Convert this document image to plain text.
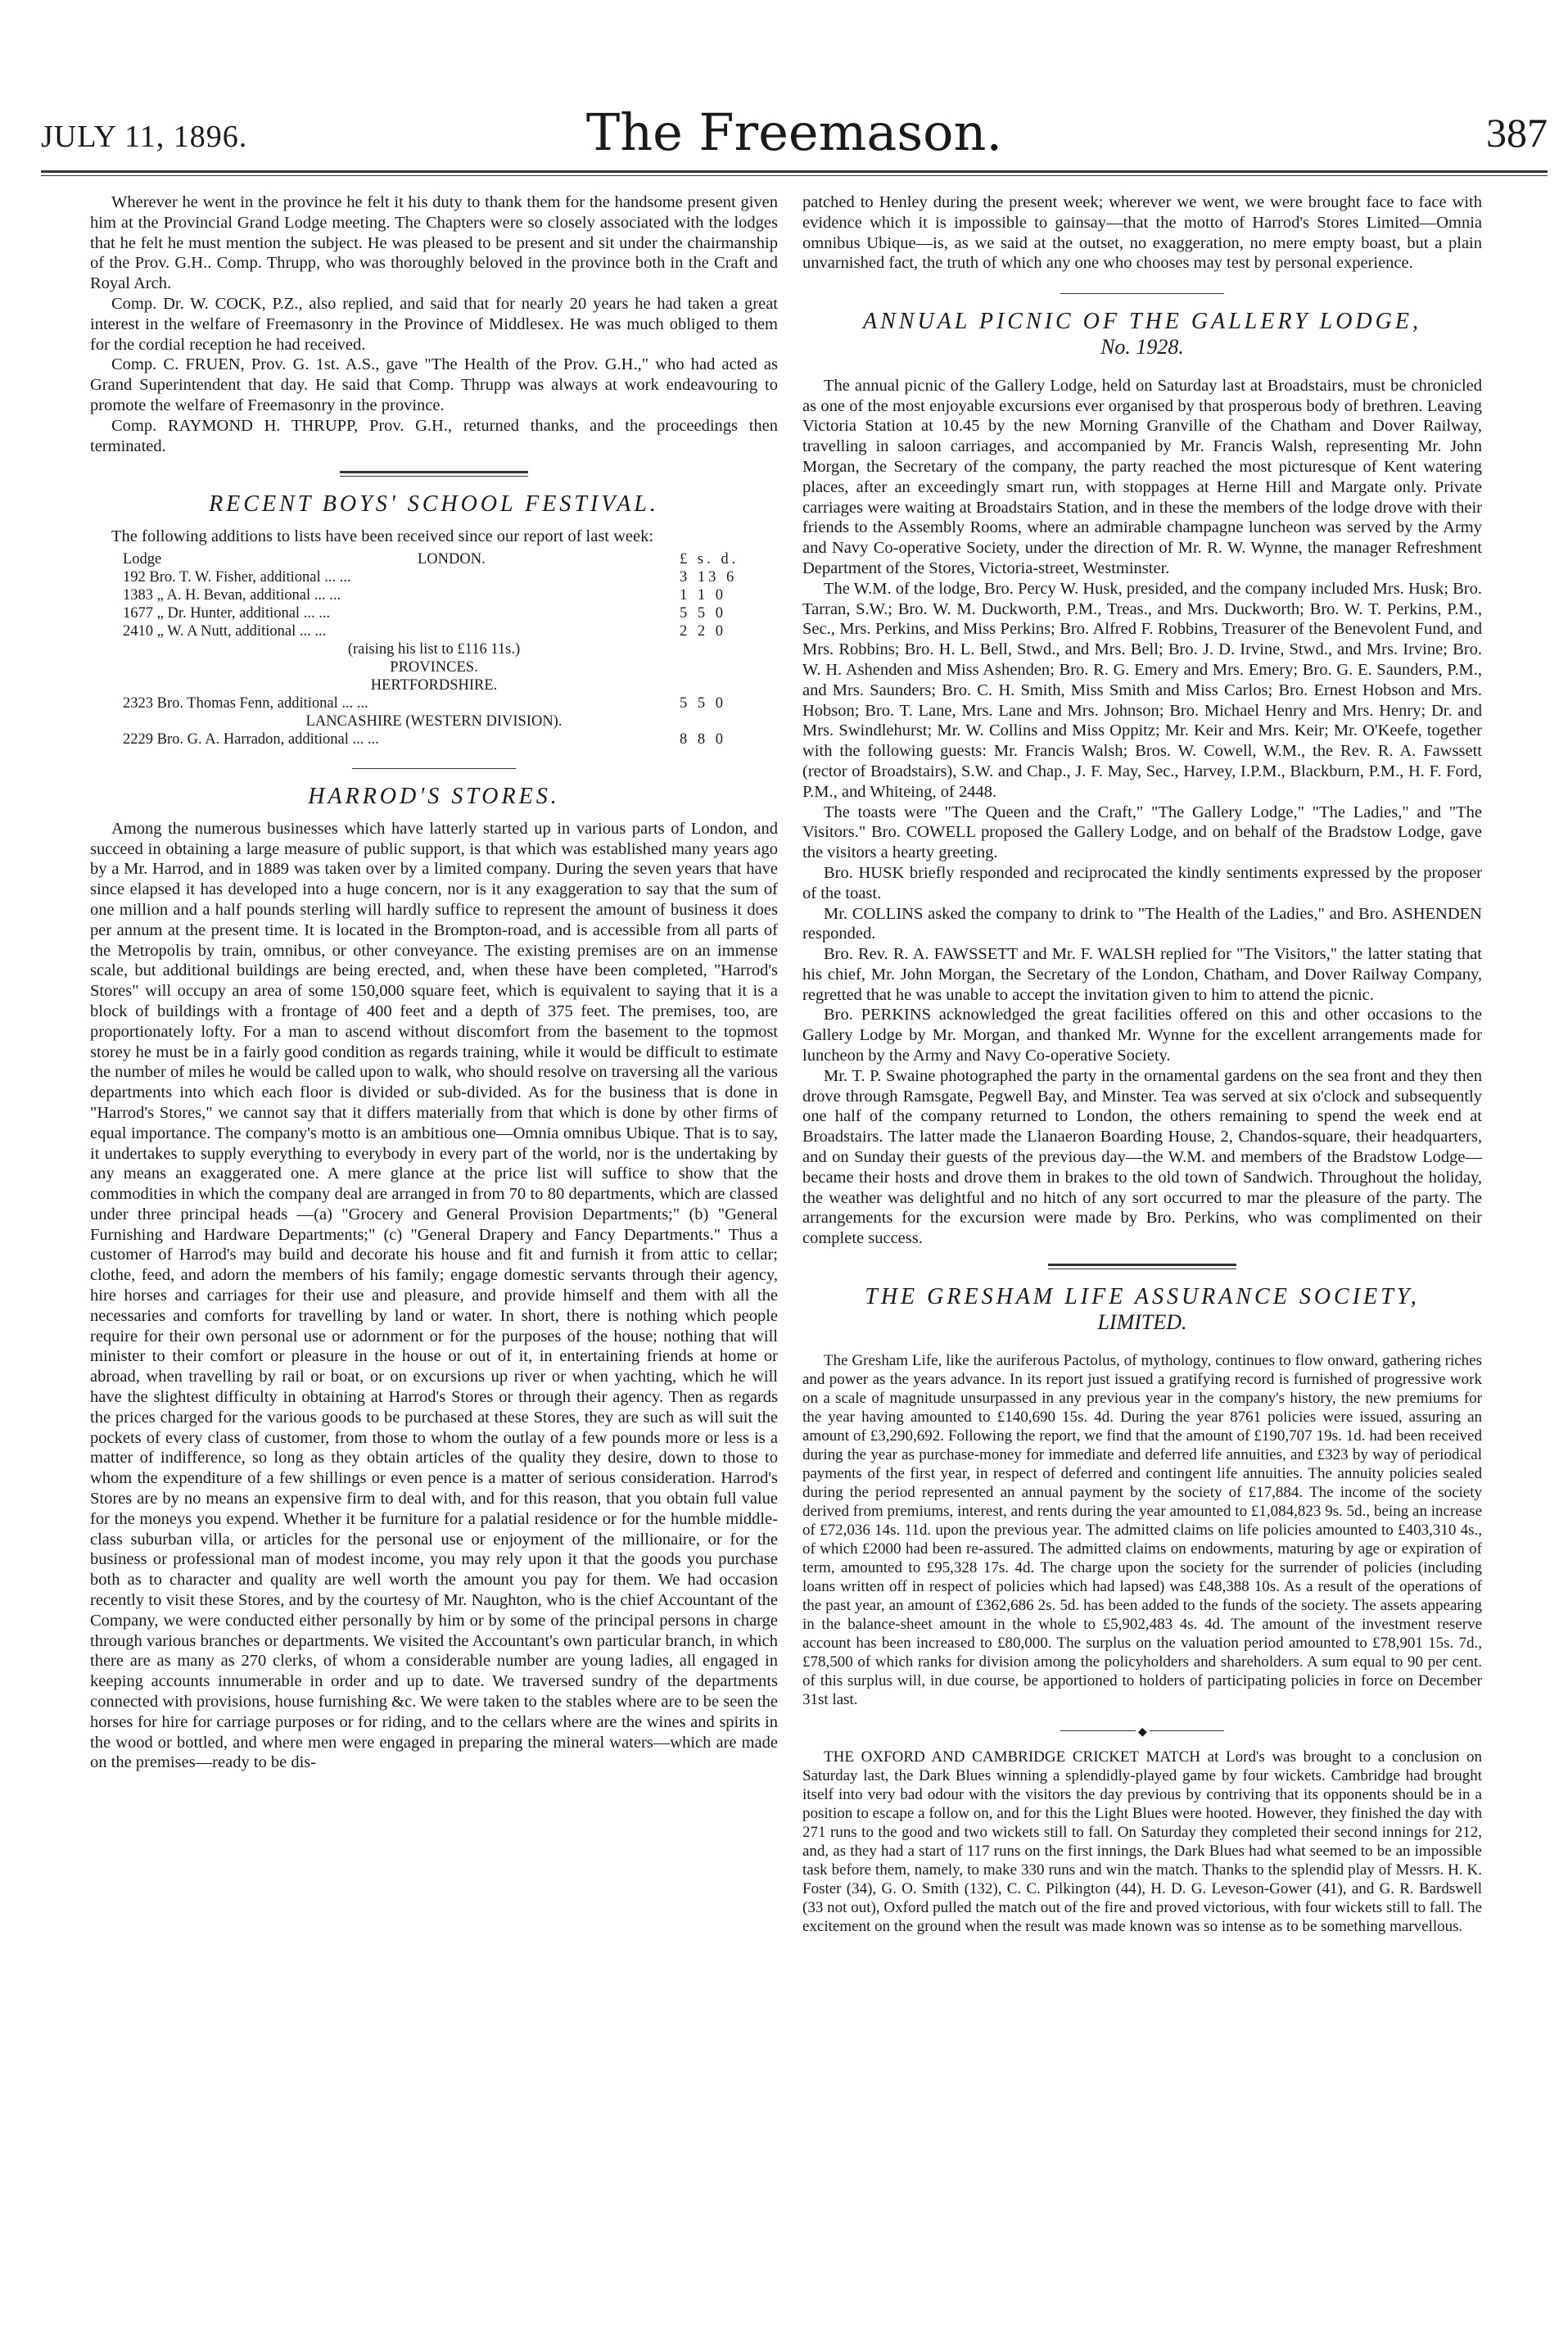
JULY 11, 1896.	The Freemason.	387

Wherever he went in the province he felt it his duty to thank them for the handsome present given him at the Provincial Grand Lodge meeting. The Chapters were so closely associated with the lodges that he felt he must mention the subject. He was pleased to be present and sit under the chairmanship of the Prov. G.H.. Comp. Thrupp, who was thoroughly beloved in the province both in the Craft and Royal Arch.

Comp. Dr. W. COCK, P.Z., also replied, and said that for nearly 20 years he had taken a great interest in the welfare of Freemasonry in the Province of Middlesex. He was much obliged to them for the cordial reception he had received.

Comp. C. FRUEN, Prov. G. 1st. A.S., gave "The Health of the Prov. G.H.," who had acted as Grand Superintendent that day. He said that Comp. Thrupp was always at work endeavouring to promote the welfare of Freemasonry in the province.

Comp. RAYMOND H. THRUPP, Prov. G.H., returned thanks, and the proceedings then terminated.

RECENT BOYS' SCHOOL FESTIVAL.

The following additions to lists have been received since our report of last week:

Lodge	LONDON.	£ s. d.
192 Bro. T. W. Fisher, additional ... ...	3 13 6
1383 „ A. H. Bevan, additional ... ...	1 1 0
1677 „ Dr. Hunter, additional ... ...	5 5 0
2410 „ W. A Nutt, additional ... ...	2 2 0
(raising his list to £116 11s.)
PROVINCES.
HERTFORDSHIRE.
2323 Bro. Thomas Fenn, additional ... ...	5 5 0
LANCASHIRE (WESTERN DIVISION).
2229 Bro. G. A. Harradon, additional ... ...	8 8 0
HARROD'S STORES.

Among the numerous businesses which have latterly started up in various parts of London, and succeed in obtaining a large measure of public support, is that which was established many years ago by a Mr. Harrod, and in 1889 was taken over by a limited company. During the seven years that have since elapsed it has developed into a huge concern, nor is it any exaggeration to say that the sum of one million and a half pounds sterling will hardly suffice to represent the amount of business it does per annum at the present time. It is located in the Brompton-road, and is accessible from all parts of the Metropolis by train, omnibus, or other conveyance. The existing premises are on an immense scale, but additional buildings are being erected, and, when these have been completed, "Harrod's Stores" will occupy an area of some 150,000 square feet, which is equivalent to saying that it is a block of buildings with a frontage of 400 feet and a depth of 375 feet. The premises, too, are proportionately lofty. For a man to ascend without discomfort from the basement to the topmost storey he must be in a fairly good condition as regards training, while it would be difficult to estimate the number of miles he would be called upon to walk, who should resolve on traversing all the various departments into which each floor is divided or sub-divided. As for the business that is done in "Harrod's Stores," we cannot say that it differs materially from that which is done by other firms of equal importance. The company's motto is an ambitious one—Omnia omnibus Ubique. That is to say, it undertakes to supply everything to everybody in every part of the world, nor is the undertaking by any means an exaggerated one. A mere glance at the price list will suffice to show that the commodities in which the company deal are arranged in from 70 to 80 departments, which are classed under three principal heads —(a) "Grocery and General Provision Departments;" (b) "General Furnishing and Hardware Departments;" (c) "General Drapery and Fancy Departments." Thus a customer of Harrod's may build and decorate his house and fit and furnish it from attic to cellar; clothe, feed, and adorn the members of his family; engage domestic servants through their agency, hire horses and carriages for their use and pleasure, and provide himself and them with all the necessaries and comforts for travelling by land or water. In short, there is nothing which people require for their own personal use or adornment or for the purposes of the house; nothing that will minister to their comfort or pleasure in the house or out of it, in entertaining friends at home or abroad, when travelling by rail or boat, or on excursions up river or when yachting, which he will have the slightest difficulty in obtaining at Harrod's Stores or through their agency. Then as regards the prices charged for the various goods to be purchased at these Stores, they are such as will suit the pockets of every class of customer, from those to whom the outlay of a few pounds more or less is a matter of indifference, so long as they obtain articles of the quality they desire, down to those to whom the expenditure of a few shillings or even pence is a matter of serious consideration. Harrod's Stores are by no means an expensive firm to deal with, and for this reason, that you obtain full value for the moneys you expend. Whether it be furniture for a palatial residence or for the humble middle-class suburban villa, or articles for the personal use or enjoyment of the millionaire, or for the business or professional man of modest income, you may rely upon it that the goods you purchase both as to character and quality are well worth the amount you pay for them. We had occasion recently to visit these Stores, and by the courtesy of Mr. Naughton, who is the chief Accountant of the Company, we were conducted either personally by him or by some of the principal persons in charge through various branches or departments. We visited the Accountant's own particular branch, in which there are as many as 270 clerks, of whom a considerable number are young ladies, all engaged in keeping accounts innumerable in order and up to date. We traversed sundry of the departments connected with provisions, house furnishing &c. We were taken to the stables where are to be seen the horses for hire for carriage purposes or for riding, and to the cellars where are the wines and spirits in the wood or bottled, and where men were engaged in preparing the mineral waters—which are made on the premises—ready to be dis-

patched to Henley during the present week; wherever we went, we were brought face to face with evidence which it is impossible to gainsay—that the motto of Harrod's Stores Limited—Omnia omnibus Ubique—is, as we said at the outset, no exaggeration, no mere empty boast, but a plain unvarnished fact, the truth of which any one who chooses may test by personal experience.

ANNUAL PICNIC OF THE GALLERY LODGE,
No. 1928.

The annual picnic of the Gallery Lodge, held on Saturday last at Broadstairs, must be chronicled as one of the most enjoyable excursions ever organised by that prosperous body of brethren. Leaving Victoria Station at 10.45 by the new Morning Granville of the Chatham and Dover Railway, travelling in saloon carriages, and accompanied by Mr. Francis Walsh, representing Mr. John Morgan, the Secretary of the company, the party reached the most picturesque of Kent watering places, after an exceedingly smart run, with stoppages at Herne Hill and Margate only. Private carriages were waiting at Broadstairs Station, and in these the members of the lodge drove with their friends to the Assembly Rooms, where an admirable champagne luncheon was served by the Army and Navy Co-operative Society, under the direction of Mr. R. W. Wynne, the manager Refreshment Department of the Stores, Victoria-street, Westminster.

The W.M. of the lodge, Bro. Percy W. Husk, presided, and the company included Mrs. Husk; Bro. Tarran, S.W.; Bro. W. M. Duckworth, P.M., Treas., and Mrs. Duckworth; Bro. W. T. Perkins, P.M., Sec., Mrs. Perkins, and Miss Perkins; Bro. Alfred F. Robbins, Treasurer of the Benevolent Fund, and Mrs. Robbins; Bro. H. L. Bell, Stwd., and Mrs. Bell; Bro. J. D. Irvine, Stwd., and Mrs. Irvine; Bro. W. H. Ashenden and Miss Ashenden; Bro. R. G. Emery and Mrs. Emery; Bro. G. E. Saunders, P.M., and Mrs. Saunders; Bro. C. H. Smith, Miss Smith and Miss Carlos; Bro. Ernest Hobson and Mrs. Hobson; Bro. T. Lane, Mrs. Lane and Mrs. Johnson; Bro. Michael Henry and Mrs. Henry; Dr. and Mrs. Swindlehurst; Mr. W. Collins and Miss Oppitz; Mr. Keir and Mrs. Keir; Mr. O'Keefe, together with the following guests: Mr. Francis Walsh; Bros. W. Cowell, W.M., the Rev. R. A. Fawssett (rector of Broadstairs), S.W. and Chap., J. F. May, Sec., Harvey, I.P.M., Blackburn, P.M., H. F. Ford, P.M., and Whiteing, of 2448.

The toasts were "The Queen and the Craft," "The Gallery Lodge," "The Ladies," and "The Visitors." Bro. COWELL proposed the Gallery Lodge, and on behalf of the Bradstow Lodge, gave the visitors a hearty greeting.

Bro. HUSK briefly responded and reciprocated the kindly sentiments expressed by the proposer of the toast.

Mr. COLLINS asked the company to drink to "The Health of the Ladies," and Bro. ASHENDEN responded.

Bro. Rev. R. A. FAWSSETT and Mr. F. WALSH replied for "The Visitors," the latter stating that his chief, Mr. John Morgan, the Secretary of the London, Chatham, and Dover Railway Company, regretted that he was unable to accept the invitation given to him to attend the picnic.

Bro. PERKINS acknowledged the great facilities offered on this and other occasions to the Gallery Lodge by Mr. Morgan, and thanked Mr. Wynne for the excellent arrangements made for luncheon by the Army and Navy Co-operative Society.

Mr. T. P. Swaine photographed the party in the ornamental gardens on the sea front and they then drove through Ramsgate, Pegwell Bay, and Minster. Tea was served at six o'clock and subsequently one half of the company returned to London, the others remaining to spend the week end at Broadstairs. The latter made the Llanaeron Boarding House, 2, Chandos-square, their headquarters, and on Sunday their guests of the previous day—the W.M. and members of the Bradstow Lodge—became their hosts and drove them in brakes to the old town of Sandwich. Throughout the holiday, the weather was delightful and no hitch of any sort occurred to mar the pleasure of the party. The arrangements for the excursion were made by Bro. Perkins, who was complimented on their complete success.

THE GRESHAM LIFE ASSURANCE SOCIETY,
LIMITED.

The Gresham Life, like the auriferous Pactolus, of mythology, continues to flow onward, gathering riches and power as the years advance. In its report just issued a gratifying record is furnished of progressive work on a scale of magnitude unsurpassed in any previous year in the company's history, the new premiums for the year having amounted to £140,690 15s. 4d. During the year 8761 policies were issued, assuring an amount of £3,290,692. Following the report, we find that the amount of £190,707 19s. 1d. had been received during the year as purchase-money for immediate and deferred life annuities, and £323 by way of periodical payments of the first year, in respect of deferred and contingent life annuities. The annuity policies sealed during the period represented an annual payment by the society of £17,884. The income of the society derived from premiums, interest, and rents during the year amounted to £1,084,823 9s. 5d., being an increase of £72,036 14s. 11d. upon the previous year. The admitted claims on life policies amounted to £403,310 4s., of which £2000 had been re-assured. The admitted claims on endowments, maturing by age or expiration of term, amounted to £95,328 17s. 4d. The charge upon the society for the surrender of policies (including loans written off in respect of policies which had lapsed) was £48,388 10s. As a result of the operations of the past year, an amount of £362,686 2s. 5d. has been added to the funds of the society. The assets appearing in the balance-sheet amount in the whole to £5,902,483 4s. 4d. The amount of the investment reserve account has been increased to £80,000. The surplus on the valuation period amounted to £78,901 15s. 7d., £78,500 of which ranks for division among the policyholders and shareholders. A sum equal to 90 per cent. of this surplus will, in due course, be apportioned to holders of participating policies in force on December 31st last.

◆

THE OXFORD AND CAMBRIDGE CRICKET MATCH at Lord's was brought to a conclusion on Saturday last, the Dark Blues winning a splendidly-played game by four wickets. Cambridge had brought itself into very bad odour with the visitors the day previous by contriving that its opponents should be in a position to escape a follow on, and for this the Light Blues were hooted. However, they finished the day with 271 runs to the good and two wickets still to fall. On Saturday they completed their second innings for 212, and, as they had a start of 117 runs on the first innings, the Dark Blues had what seemed to be an impossible task before them, namely, to make 330 runs and win the match. Thanks to the splendid play of Messrs. H. K. Foster (34), G. O. Smith (132), C. C. Pilkington (44), H. D. G. Leveson-Gower (41), and G. R. Bardswell (33 not out), Oxford pulled the match out of the fire and proved victorious, with four wickets still to fall. The excitement on the ground when the result was made known was so intense as to be something marvellous.
